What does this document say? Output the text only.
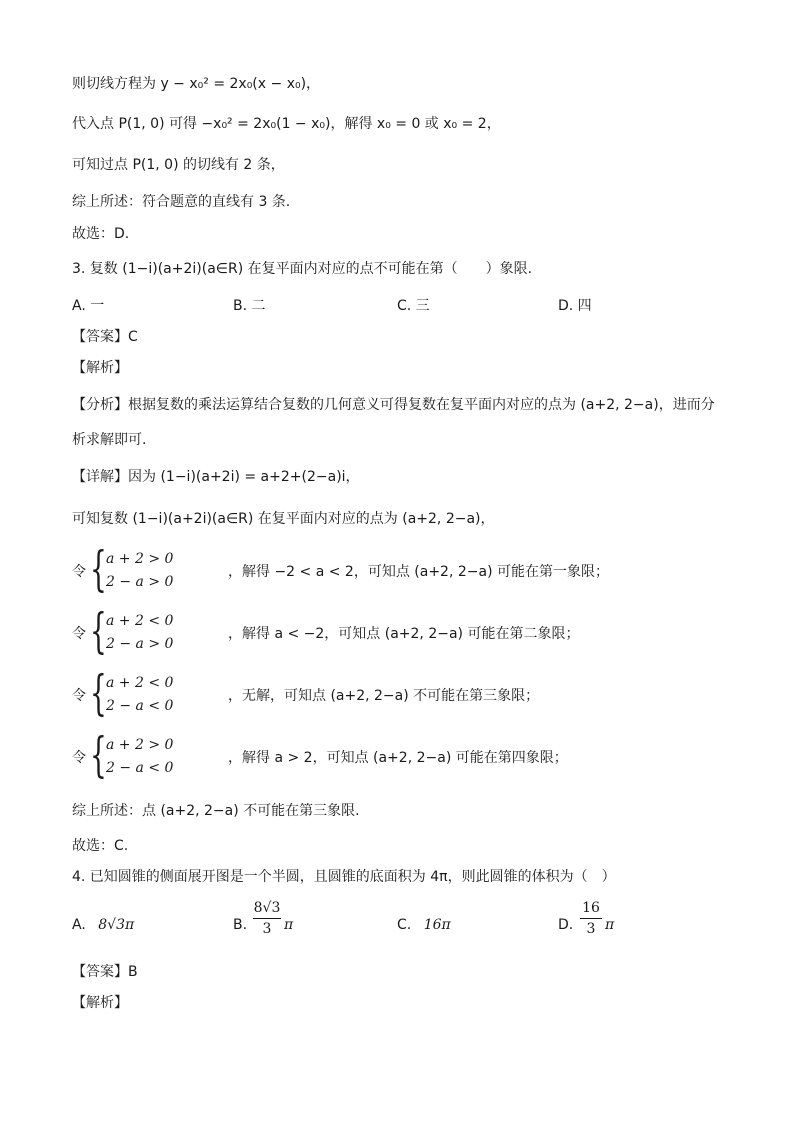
则切线方程为 y − x₀² = 2x₀(x − x₀)，
代入点 P(1, 0) 可得 −x₀² = 2x₀(1 − x₀)，解得 x₀ = 0 或 x₀ = 2，
可知过点 P(1, 0) 的切线有 2 条，
综上所述：符合题意的直线有 3 条.
故选：D.
3. 复数 (1−i)(a+2i)(a∈R) 在复平面内对应的点不可能在第（　　）象限.
A. 一	B. 二	C. 三	D. 四
【答案】C
【解析】
【分析】根据复数的乘法运算结合复数的几何意义可得复数在复平面内对应的点为 (a+2, 2−a)，进而分
析求解即可.
【详解】因为 (1−i)(a+2i) = a+2+(2−a)i，
可知复数 (1−i)(a+2i)(a∈R) 在复平面内对应的点为 (a+2, 2−a)，
令 { a + 2 > 0
2 − a > 0
，解得 −2 < a < 2，可知点 (a+2, 2−a) 可能在第一象限；
令 { a + 2 < 0
2 − a > 0
，解得 a < −2，可知点 (a+2, 2−a) 可能在第二象限；
令 { a + 2 < 0
2 − a < 0
，无解，可知点 (a+2, 2−a) 不可能在第三象限；
令 { a + 2 > 0
2 − a < 0
，解得 a > 2，可知点 (a+2, 2−a) 可能在第四象限；
综上所述：点 (a+2, 2−a) 不可能在第三象限.
故选：C.
4. 已知圆锥的侧面展开图是一个半圆，且圆锥的底面积为 4π，则此圆锥的体积为（　）
A. 8√3π	B.
8√3
3 π	C. 16π	D.
16
3 π
【答案】B
【解析】
